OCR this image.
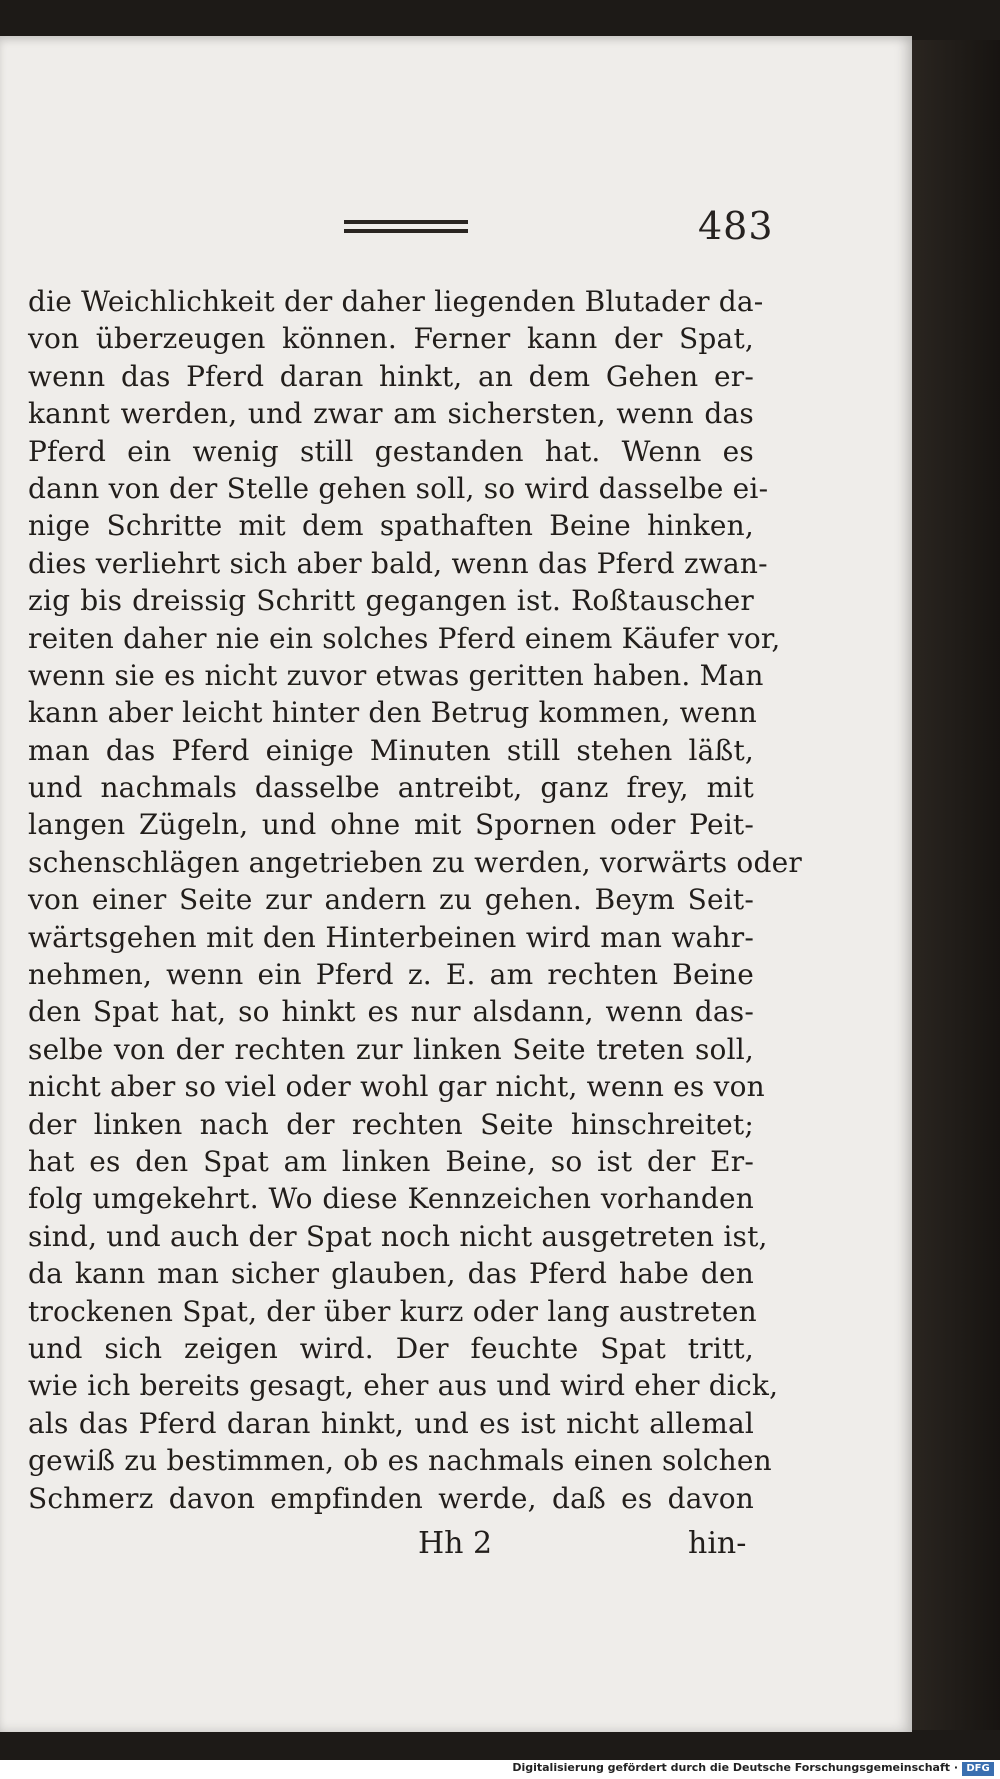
483
die Weichlichkeit der daher liegenden Blutader da‐
von überzeugen können. Ferner kann der Spat,
wenn das Pferd daran hinkt, an dem Gehen er‐
kannt werden, und zwar am sichersten, wenn das
Pferd ein wenig still gestanden hat. Wenn es
dann von der Stelle gehen soll, so wird dasselbe ei‐
nige Schritte mit dem spathaften Beine hinken,
dies verliehrt sich aber bald, wenn das Pferd zwan‐
zig bis dreissig Schritt gegangen ist. Roßtauscher
reiten daher nie ein solches Pferd einem Käufer vor,
wenn sie es nicht zuvor etwas geritten haben. Man
kann aber leicht hinter den Betrug kommen, wenn
man das Pferd einige Minuten still stehen läßt,
und nachmals dasselbe antreibt, ganz frey, mit
langen Zügeln, und ohne mit Spornen oder Peit‐
schenschlägen angetrieben zu werden, vorwärts oder
von einer Seite zur andern zu gehen. Beym Seit‐
wärtsgehen mit den Hinterbeinen wird man wahr‐
nehmen, wenn ein Pferd z. E. am rechten Beine
den Spat hat, so hinkt es nur alsdann, wenn das‐
selbe von der rechten zur linken Seite treten soll,
nicht aber so viel oder wohl gar nicht, wenn es von
der linken nach der rechten Seite hinschreitet;
hat es den Spat am linken Beine, so ist der Er‐
folg umgekehrt. Wo diese Kennzeichen vorhanden
sind, und auch der Spat noch nicht ausgetreten ist,
da kann man sicher glauben, das Pferd habe den
trockenen Spat, der über kurz oder lang austreten
und sich zeigen wird. Der feuchte Spat tritt,
wie ich bereits gesagt, eher aus und wird eher dick,
als das Pferd daran hinkt, und es ist nicht allemal
gewiß zu bestimmen, ob es nachmals einen solchen
Schmerz davon empfinden werde, daß es davon
Hh 2	hin‐
Digitalisierung gefördert durch die Deutsche Forschungsgemeinschaft · DFG
